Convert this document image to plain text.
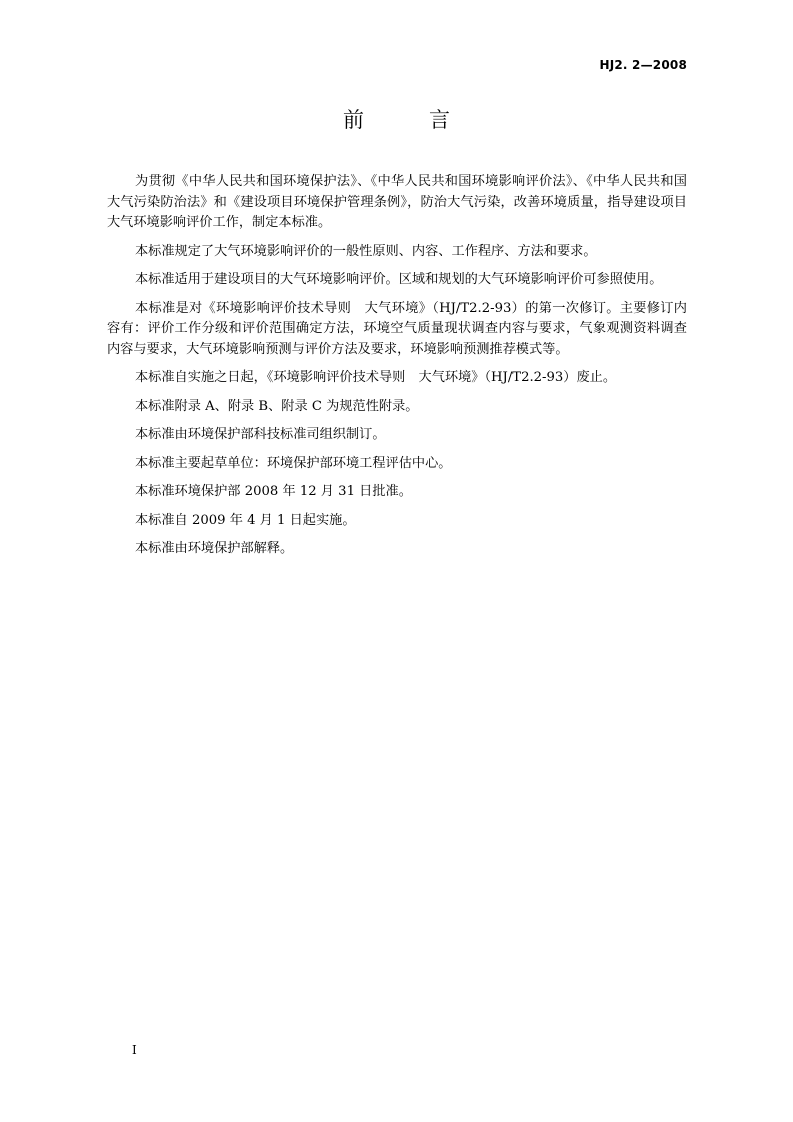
HJ2. 2—2008
前　言

为贯彻《中华人民共和国环境保护法》、《中华人民共和国环境影响评价法》、《中华人民共和国大气污染防治法》和《建设项目环境保护管理条例》，防治大气污染，改善环境质量，指导建设项目大气环境影响评价工作，制定本标准。

本标准规定了大气环境影响评价的一般性原则、内容、工作程序、方法和要求。

本标准适用于建设项目的大气环境影响评价。区域和规划的大气环境影响评价可参照使用。

本标准是对《环境影响评价技术导则　大气环境》（HJ/T2.2-93）的第一次修订。主要修订内容有：评价工作分级和评价范围确定方法，环境空气质量现状调查内容与要求，气象观测资料调查内容与要求，大气环境影响预测与评价方法及要求，环境影响预测推荐模式等。

本标准自实施之日起，《环境影响评价技术导则　大气环境》（HJ/T2.2-93）废止。

本标准附录 A、附录 B、附录 C 为规范性附录。

本标准由环境保护部科技标准司组织制订。

本标准主要起草单位：环境保护部环境工程评估中心。

本标准环境保护部 2008 年 12 月 31 日批准。

本标准自 2009 年 4 月 1 日起实施。

本标准由环境保护部解释。

I
